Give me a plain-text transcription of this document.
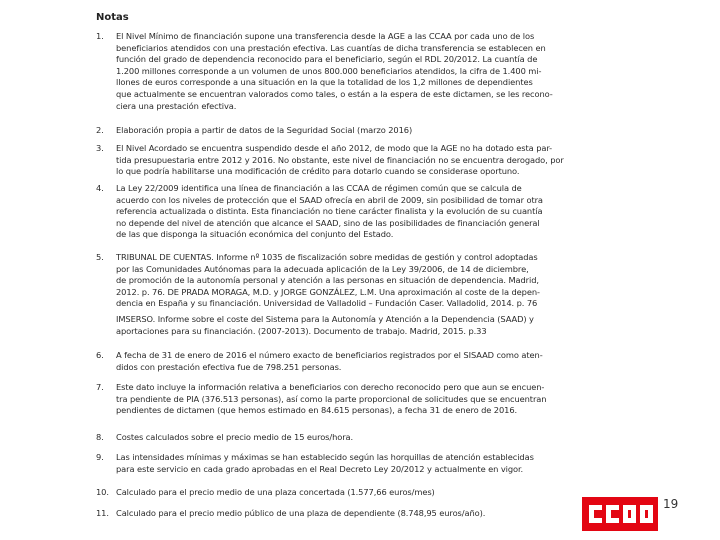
Notas
1.	El Nivel Mínimo de financiación supone una transferencia desde la AGE a las CCAA por cada uno de los
beneficiarios atendidos con una prestación efectiva. Las cuantías de dicha transferencia se establecen en
función del grado de dependencia reconocido para el beneficiario, según el RDL 20/2012. La cuantía de
1.200 millones corresponde a un volumen de unos 800.000 beneficiarios atendidos, la cifra de 1.400 mi-
llones de euros corresponde a una situación en la que la totalidad de los 1,2 millones de dependientes
que actualmente se encuentran valorados como tales, o están a la espera de este dictamen, se les recono-
ciera una prestación efectiva.
2.	Elaboración propia a partir de datos de la Seguridad Social (marzo 2016)
3.	El Nivel Acordado se encuentra suspendido desde el año 2012, de modo que la AGE no ha dotado esta par-
tida presupuestaria entre 2012 y 2016. No obstante, este nivel de financiación no se encuentra derogado, por
lo que podría habilitarse una modificación de crédito para dotarlo cuando se considerase oportuno.
4.	La Ley 22/2009 identifica una línea de financiación a las CCAA de régimen común que se calcula de
acuerdo con los niveles de protección que el SAAD ofrecía en abril de 2009, sin posibilidad de tomar otra
referencia actualizada o distinta. Esta financiación no tiene carácter finalista y la evolución de su cuantía
no depende del nivel de atención que alcance el SAAD, sino de las posibilidades de financiación general
de las que disponga la situación económica del conjunto del Estado.
5.	TRIBUNAL DE CUENTAS. Informe nº 1035 de fiscalización sobre medidas de gestión y control adoptadas
por las Comunidades Autónomas para la adecuada aplicación de la Ley 39/2006, de 14 de diciembre,
de promoción de la autonomía personal y atención a las personas en situación de dependencia. Madrid,
2012. p. 76. DE PRADA MORAGA, M.D. y JORGE GONZÁLEZ, L.M. Una aproximación al coste de la depen-
dencia en España y su financiación. Universidad de Valladolid – Fundación Caser. Valladolid, 2014. p. 76
IMSERSO. Informe sobre el coste del Sistema para la Autonomía y Atención a la Dependencia (SAAD) y
aportaciones para su financiación. (2007-2013). Documento de trabajo. Madrid, 2015. p.33
6.	A fecha de 31 de enero de 2016 el número exacto de beneficiarios registrados por el SISAAD como aten-
didos con prestación efectiva fue de 798.251 personas.
7.	Este dato incluye la información relativa a beneficiarios con derecho reconocido pero que aun se encuen-
tra pendiente de PIA (376.513 personas), así como la parte proporcional de solicitudes que se encuentran
pendientes de dictamen (que hemos estimado en 84.615 personas), a fecha 31 de enero de 2016.
8.	Costes calculados sobre el precio medio de 15 euros/hora.
9.	Las intensidades mínimas y máximas se han establecido según las horquillas de atención establecidas
para este servicio en cada grado aprobadas en el Real Decreto Ley 20/2012 y actualmente en vigor.
10. Calculado para el precio medio de una plaza concertada (1.577,66 euros/mes)
11. Calculado para el precio medio público de una plaza de dependiente (8.748,95 euros/año).
19
